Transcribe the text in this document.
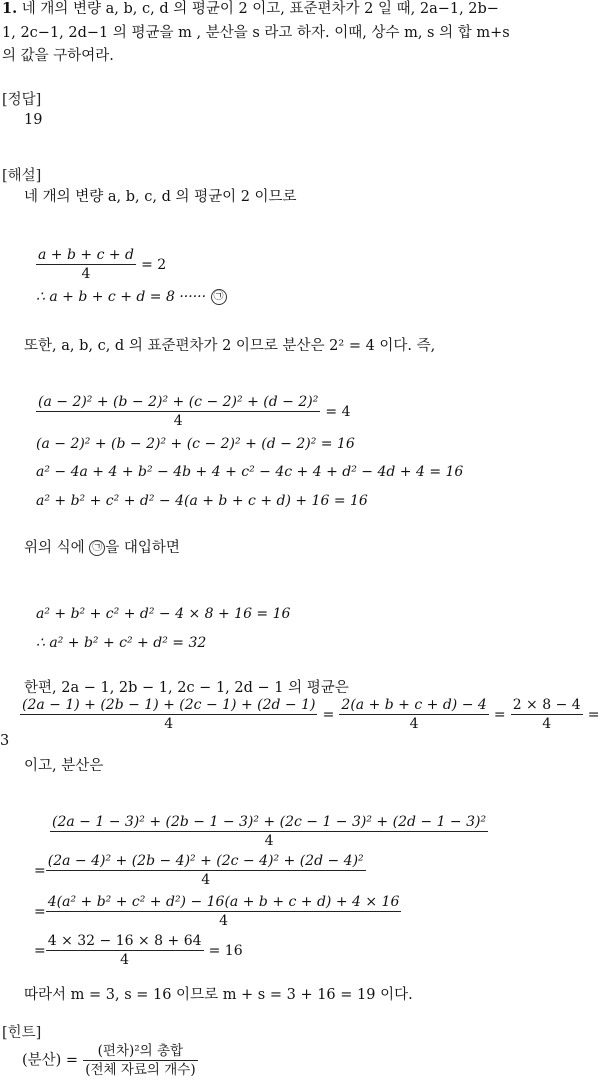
1. 네 개의 변량 a, b, c, d 의 평균이 2 이고, 표준편차가 2 일 때, 2a−1, 2b−
1, 2c−1, 2d−1 의 평균을 m , 분산을 s 라고 하자. 이때, 상수 m, s 의 합 m+s
의 값을 구하여라.
[정답]
19
[해설]
네 개의 변량 a, b, c, d 의 평균이 2 이므로
$\frac{a + b + c + d}{4} = 2$
∴ a + b + c + d = 8 ······ ㉠
또한, a, b, c, d 의 표준편차가 2 이므로 분산은 2² = 4 이다. 즉,
$\frac{\text{(a − 2)² + (b − 2)² + (c − 2)² + (d − 2)²}}{4} = 4$
(a − 2)² + (b − 2)² + (c − 2)² + (d − 2)² = 16
a² − 4a + 4 + b² − 4b + 4 + c² − 4c + 4 + d² − 4d + 4 = 16
a² + b² + c² + d² − 4(a + b + c + d) + 16 = 16
위의 식에 ㉠ 을 대입하면
a² + b² + c² + d² − 4 × 8 + 16 = 16
∴ a² + b² + c² + d² = 32
한편, 2a − 1, 2b − 1, 2c − 1, 2d − 1 의 평균은
$\frac{(2a - 1) + (2b - 1) + (2c - 1) + (2d - 1)}{4} = \frac{2(a + b + c + d) - 4}{4} = \frac{2 \times 8 - 4}{4}$ =
3
이고, 분산은
(2a − 1 − 3)² + (2b − 1 − 3)² + (2c − 1 − 3)² + (2d − 1 − 3)²
4
= $\frac{\text{(2a − 4)² + (2b − 4)² + (2c − 4)² + (2d − 4)²}}{4}$
= $\frac{\text{4(a² + b² + c² + d²) − 16(a + b + c + d) + 4 × 16}}{4}$
= $\frac{4 \times 32 - 16 \times 8 + 64}{4} = 16$
따라서 m = 3, s = 16 이므로 m + s = 3 + 16 = 19 이다.
[힌트]
(분산) = $\frac{\text{(편차)²의 총합}}{\text{(전체 자료의 개수)}}$
